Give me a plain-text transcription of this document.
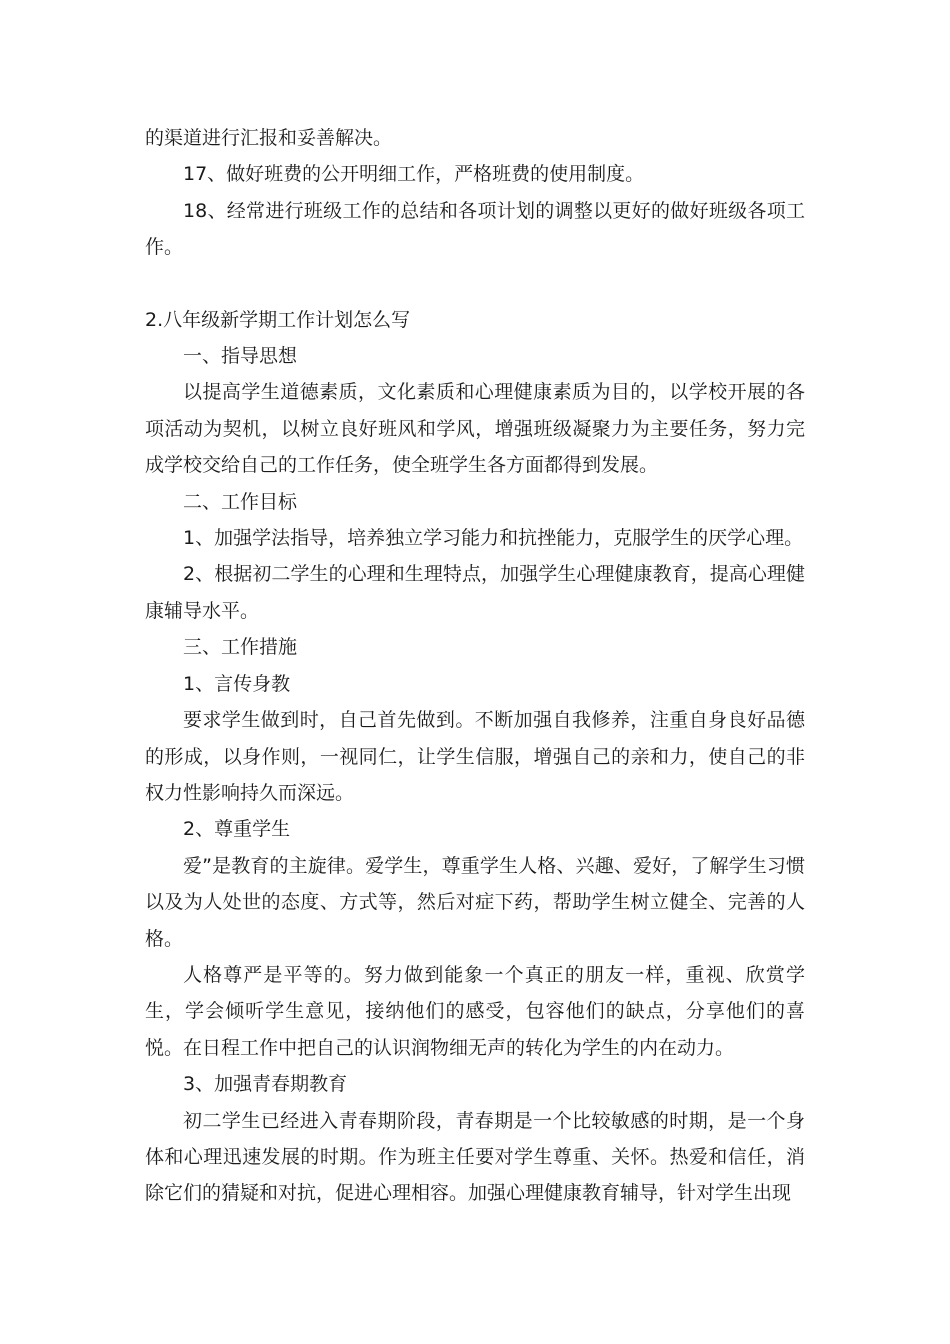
的渠道进行汇报和妥善解决。

17、做好班费的公开明细工作，严格班费的使用制度。

18、经常进行班级工作的总结和各项计划的调整以更好的做好班级各项工作。

2.八年级新学期工作计划怎么写

一、指导思想

以提高学生道德素质，文化素质和心理健康素质为目的，以学校开展的各项活动为契机，以树立良好班风和学风，增强班级凝聚力为主要任务，努力完成学校交给自己的工作任务，使全班学生各方面都得到发展。

二、工作目标

1、加强学法指导，培养独立学习能力和抗挫能力，克服学生的厌学心理。

2、根据初二学生的心理和生理特点，加强学生心理健康教育，提高心理健康辅导水平。

三、工作措施

1、言传身教

要求学生做到时，自己首先做到。不断加强自我修养，注重自身良好品德的形成，以身作则，一视同仁，让学生信服，增强自己的亲和力，使自己的非权力性影响持久而深远。

2、尊重学生

爱”是教育的主旋律。爱学生，尊重学生人格、兴趣、爱好，了解学生习惯以及为人处世的态度、方式等，然后对症下药，帮助学生树立健全、完善的人格。

人格尊严是平等的。努力做到能象一个真正的朋友一样，重视、欣赏学生，学会倾听学生意见，接纳他们的感受，包容他们的缺点，分享他们的喜悦。在日程工作中把自己的认识润物细无声的转化为学生的内在动力。

3、加强青春期教育

初二学生已经进入青春期阶段，青春期是一个比较敏感的时期，是一个身体和心理迅速发展的时期。作为班主任要对学生尊重、关怀。热爱和信任，消除它们的猜疑和对抗，促进心理相容。加强心理健康教育辅导，针对学生出现
